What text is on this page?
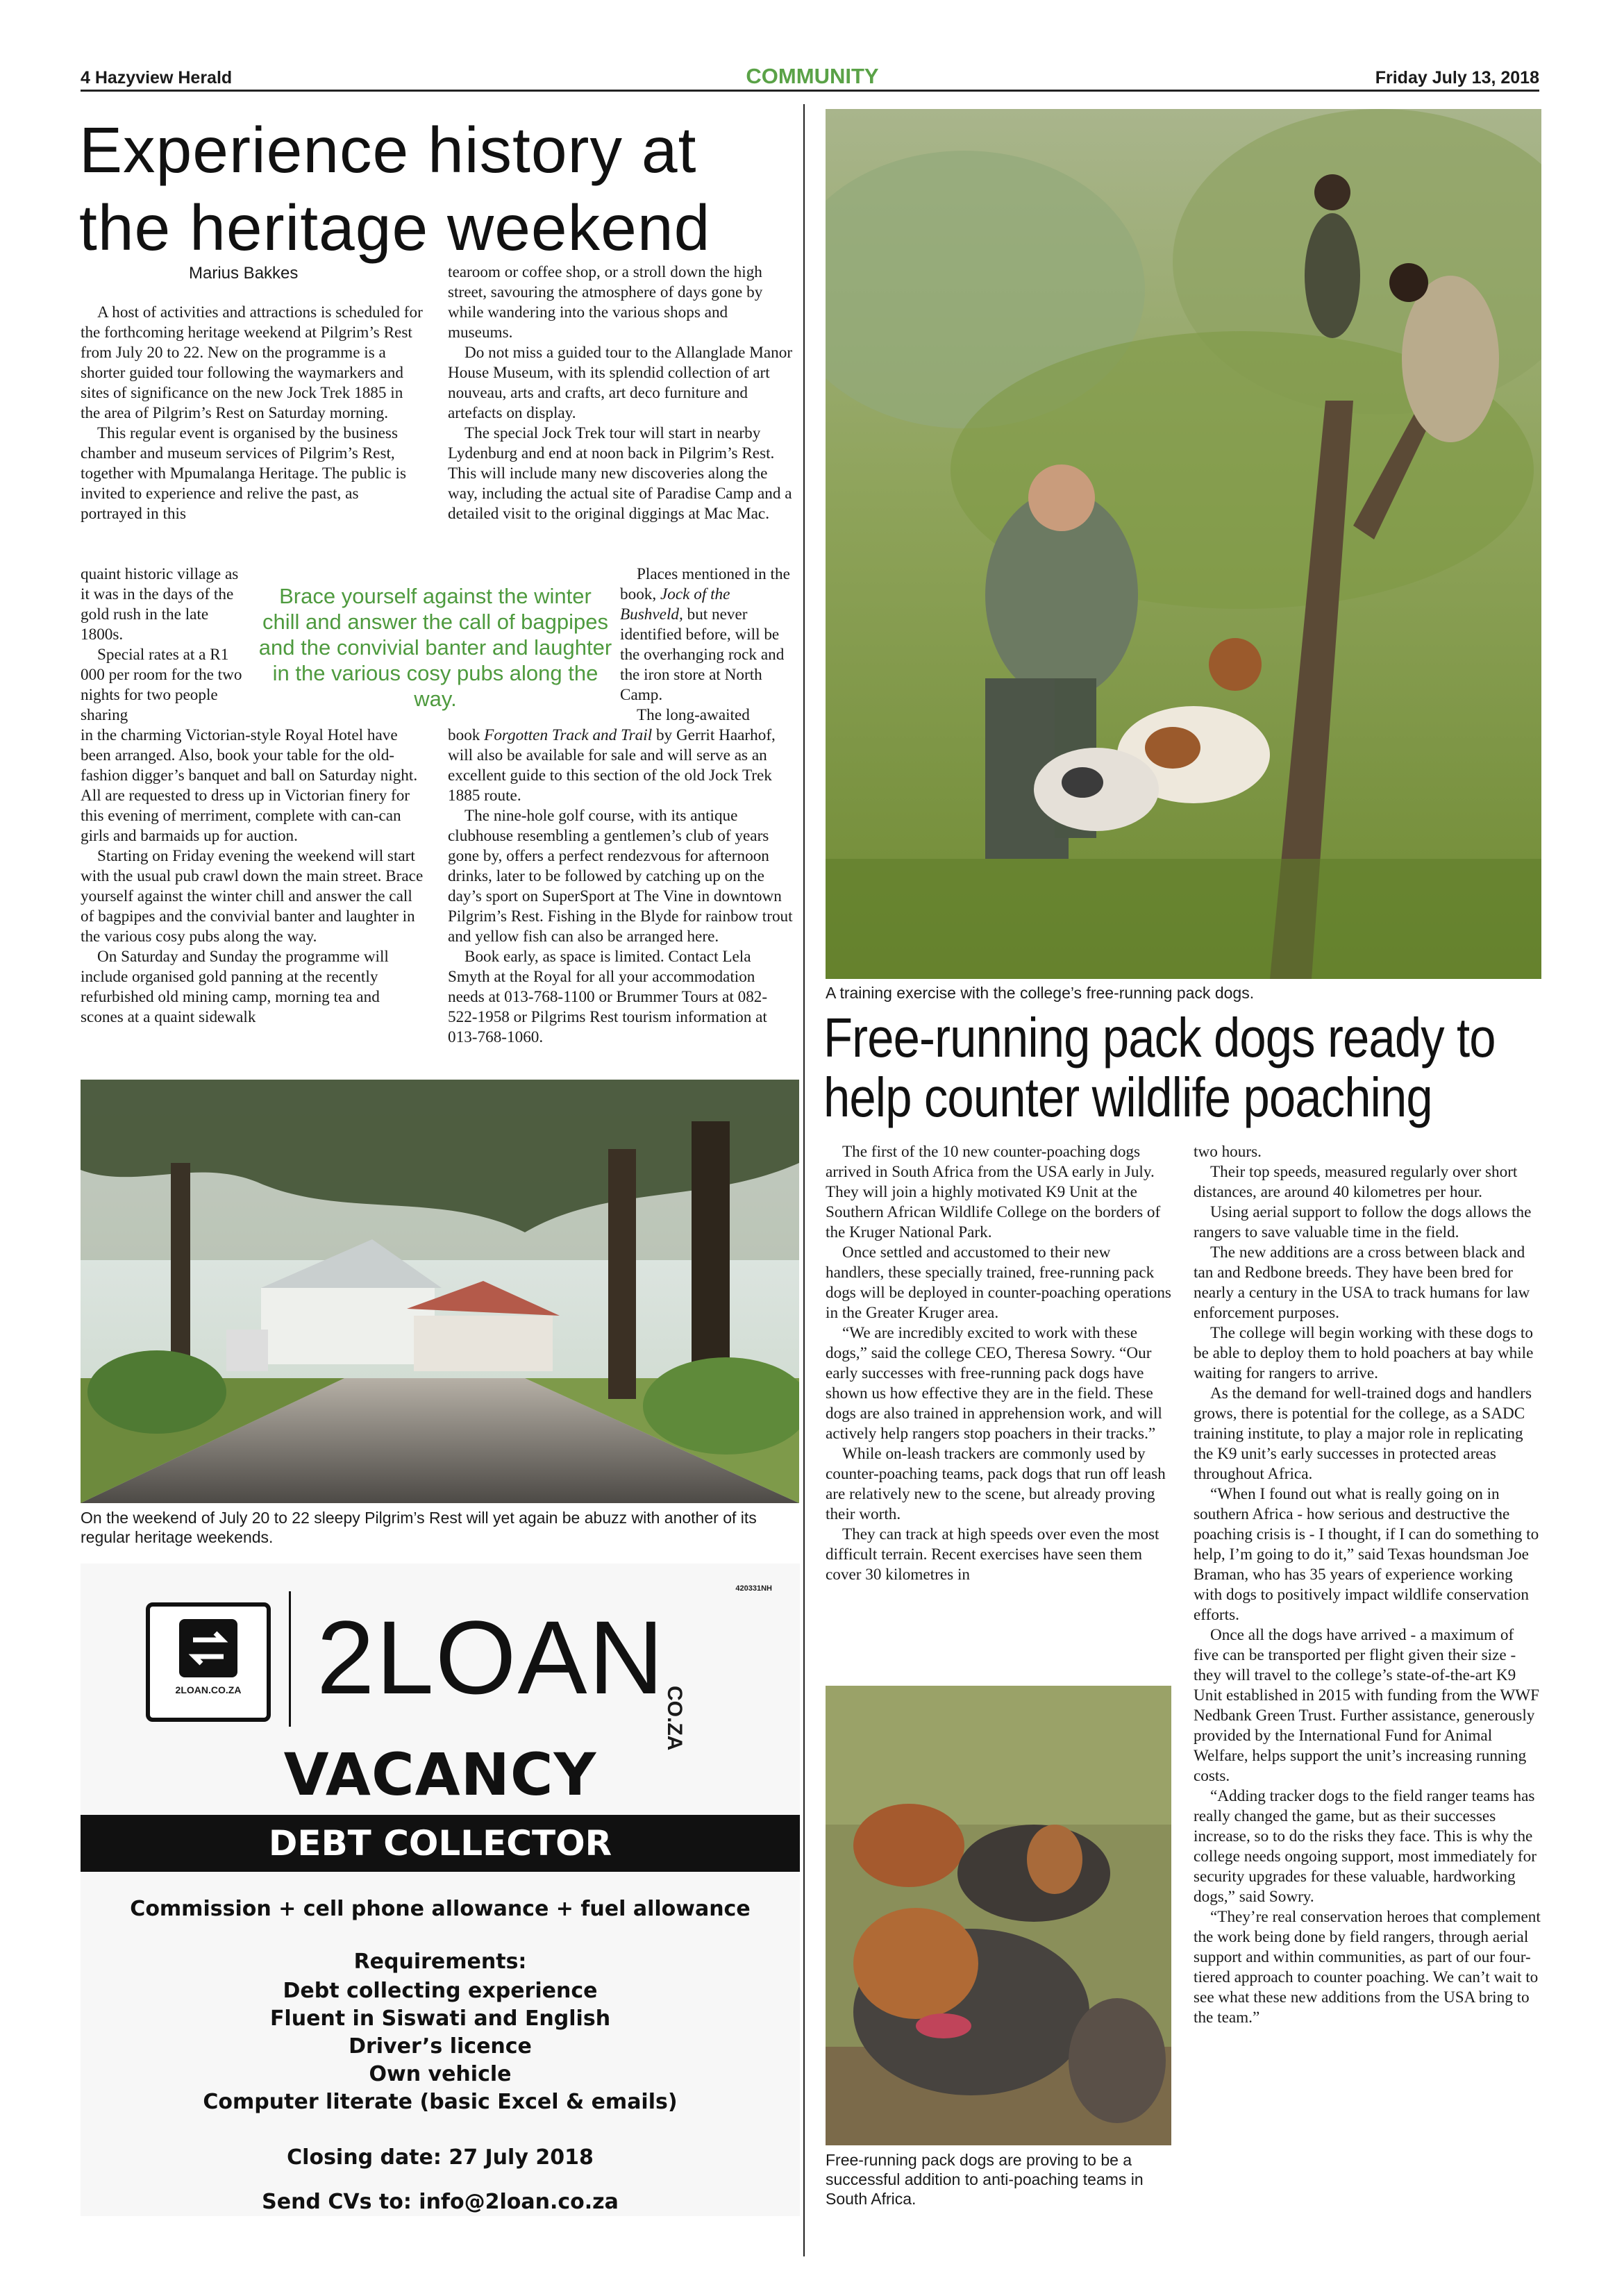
4 Hazyview Herald	COMMUNITY	Friday July 13, 2018
Experience history at the heritage weekend
Marius Bakkes

A host of activities and attractions is scheduled for the forthcoming heritage weekend at Pilgrim’s Rest from July 20 to 22. New on the programme is a shorter guided tour following the waymarkers and sites of significance on the new Jock Trek 1885 in the area of Pilgrim’s Rest on Saturday morning.

This regular event is organised by the business chamber and museum services of Pilgrim’s Rest, together with Mpumalanga Heritage. The public is invited to experience and relive the past, as portrayed in this

quaint historic village as it was in the days of the gold rush in the late 1800s.

Special rates at a R1 000 per room for the two nights for two people sharing

in the charming Victorian-style Royal Hotel have been arranged. Also, book your table for the old-fashion digger’s banquet and ball on Saturday night. All are requested to dress up in Victorian finery for this evening of merriment, complete with can-can girls and barmaids up for auction.

Starting on Friday evening the weekend will start with the usual pub crawl down the main street. Brace yourself against the winter chill and answer the call of bagpipes and the convivial banter and laughter in the various cosy pubs along the way.

On Saturday and Sunday the programme will include organised gold panning at the recently refurbished old mining camp, morning tea and scones at a quaint sidewalk

Brace yourself against the winter chill and answer the call of bagpipes and the convivial banter and laughter in the various cosy pubs along the way.

tearoom or coffee shop, or a stroll down the high street, savouring the atmosphere of days gone by while wandering into the various shops and museums.

Do not miss a guided tour to the Allanglade Manor House Museum, with its splendid collection of art nouveau, arts and crafts, art deco furniture and artefacts on display.

The special Jock Trek tour will start in nearby Lydenburg and end at noon back in Pilgrim’s Rest. This will include many new discoveries along the way, including the actual site of Paradise Camp and a detailed visit to the original diggings at Mac Mac.

Places mentioned in the book, Jock of the Bushveld, but never identified before, will be the overhanging rock and the iron store at North Camp.

The long-awaited

book Forgotten Track and Trail by Gerrit Haarhof, will also be available for sale and will serve as an excellent guide to this section of the old Jock Trek 1885 route.

The nine-hole golf course, with its antique clubhouse resembling a gentlemen’s club of years gone by, offers a perfect rendezvous for afternoon drinks, later to be followed by catching up on the day’s sport on SuperSport at The Vine in downtown Pilgrim’s Rest. Fishing in the Blyde for rainbow trout and yellow fish can also be arranged here.

Book early, as space is limited. Contact Lela Smyth at the Royal for all your accommodation needs at 013-768-1100 or Brummer Tours at 082-522-1958 or Pilgrims Rest tourism information at 013-768-1060.

On the weekend of July 20 to 22 sleepy Pilgrim’s Rest will yet again be abuzz with another of its regular heritage weekends.
420331NH
2LOAN.CO.ZA 2LOAN
CO.ZA
VACANCY
DEBT COLLECTOR
Commission + cell phone allowance + fuel allowance
Requirements:
Debt collecting experience
Fluent in Siswati and English
Driver’s licence
Own vehicle
Computer literate (basic Excel & emails)
Closing date: 27 July 2018
Send CVs to: info@2loan.co.za
A training exercise with the college’s free-running pack dogs.
Free-running pack dogs ready to help counter wildlife poaching

The first of the 10 new counter-poaching dogs arrived in South Africa from the USA early in July. They will join a highly motivated K9 Unit at the Southern African Wildlife College on the borders of the Kruger National Park.

Once settled and accustomed to their new handlers, these specially trained, free-running pack dogs will be deployed in counter-poaching operations in the Greater Kruger area.

“We are incredibly excited to work with these dogs,” said the college CEO, Theresa Sowry. “Our early successes with free-running pack dogs have shown us how effective they are in the field. These dogs are also trained in apprehension work, and will actively help rangers stop poachers in their tracks.”

While on-leash trackers are commonly used by counter-poaching teams, pack dogs that run off leash are relatively new to the scene, but already proving their worth.

They can track at high speeds over even the most difficult terrain. Recent exercises have seen them cover 30 kilometres in

Free-running pack dogs are proving to be a successful addition to anti-poaching teams in South Africa.

two hours.

Their top speeds, measured regularly over short distances, are around 40 kilometres per hour.

Using aerial support to follow the dogs allows the rangers to save valuable time in the field.

The new additions are a cross between black and tan and Redbone breeds. They have been bred for nearly a century in the USA to track humans for law enforcement purposes.

The college will begin working with these dogs to be able to deploy them to hold poachers at bay while waiting for rangers to arrive.

As the demand for well-trained dogs and handlers grows, there is potential for the college, as a SADC training institute, to play a major role in replicating the K9 unit’s early successes in protected areas throughout Africa.

“When I found out what is really going on in southern Africa - how serious and destructive the poaching crisis is - I thought, if I can do something to help, I’m going to do it,” said Texas houndsman Joe Braman, who has 35 years of experience working with dogs to positively impact wildlife conservation efforts.

Once all the dogs have arrived - a maximum of five can be transported per flight given their size - they will travel to the college’s state-of-the-art K9 Unit established in 2015 with funding from the WWF Nedbank Green Trust. Further assistance, generously provided by the International Fund for Animal Welfare, helps support the unit’s increasing running costs.

“Adding tracker dogs to the field ranger teams has really changed the game, but as their successes increase, so to do the risks they face. This is why the college needs ongoing support, most immediately for security upgrades for these valuable, hardworking dogs,” said Sowry.

“They’re real conservation heroes that complement the work being done by field rangers, through aerial support and within communities, as part of our four-tiered approach to counter poaching. We can’t wait to see what these new additions from the USA bring to the team.”
